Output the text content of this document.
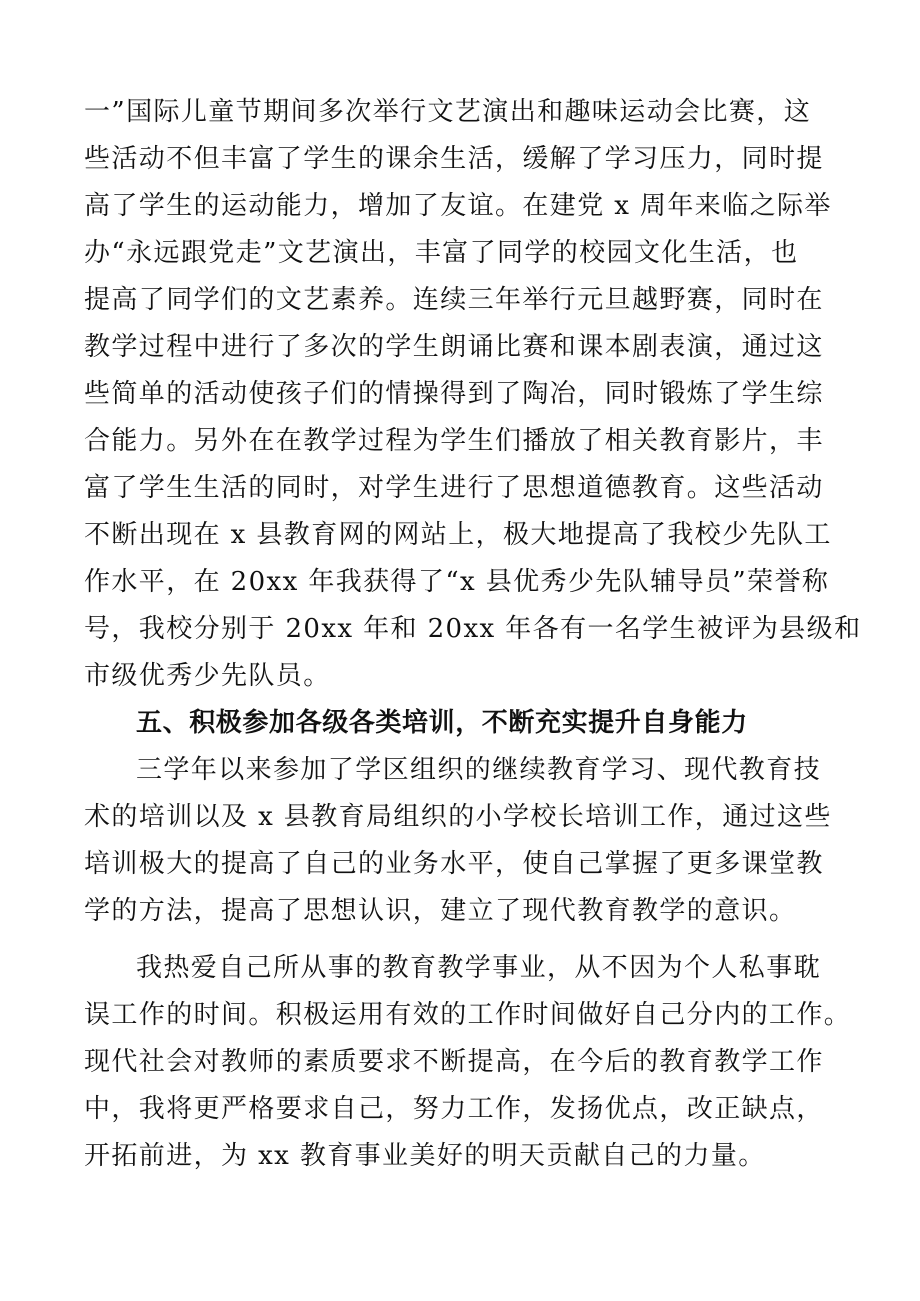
一”国际儿童节期间多次举行文艺演出和趣味运动会比赛，这
些活动不但丰富了学生的课余生活，缓解了学习压力，同时提
高了学生的运动能力，增加了友谊。在建党 x 周年来临之际举
办“永远跟党走”文艺演出，丰富了同学的校园文化生活，也
提高了同学们的文艺素养。连续三年举行元旦越野赛，同时在
教学过程中进行了多次的学生朗诵比赛和课本剧表演，通过这
些简单的活动使孩子们的情操得到了陶冶，同时锻炼了学生综
合能力。另外在在教学过程为学生们播放了相关教育影片，丰
富了学生生活的同时，对学生进行了思想道德教育。这些活动
不断出现在 x 县教育网的网站上，极大地提高了我校少先队工
作水平，在 20xx 年我获得了“x 县优秀少先队辅导员”荣誉称
号，我校分别于 20xx 年和 20xx 年各有一名学生被评为县级和
市级优秀少先队员。
五、积极参加各级各类培训，不断充实提升自身能力
三学年以来参加了学区组织的继续教育学习、现代教育技
术的培训以及 x 县教育局组织的小学校长培训工作，通过这些
培训极大的提高了自己的业务水平，使自己掌握了更多课堂教
学的方法，提高了思想认识，建立了现代教育教学的意识。
我热爱自己所从事的教育教学事业，从不因为个人私事耽
误工作的时间。积极运用有效的工作时间做好自己分内的工作。
现代社会对教师的素质要求不断提高，在今后的教育教学工作
中，我将更严格要求自己，努力工作，发扬优点，改正缺点，
开拓前进，为 xx 教育事业美好的明天贡献自己的力量。
